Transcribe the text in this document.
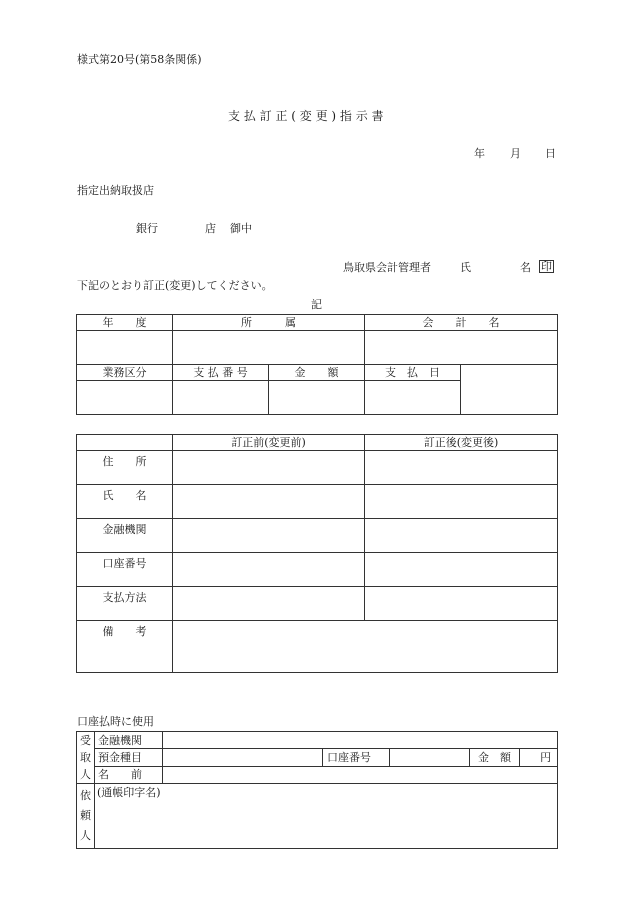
様式第20号(第58条関係)
支 払 訂 正 ( 変 更 ) 指 示 書
年 月 日
指定出納取扱店
銀行	店 御中
鳥取県会計管理者	氏	名 印
下記のとおり訂正(変更)してください。
記
年　　度	所　　　属		会　　計　　名	

業務区分	支 払 番 号	金　　額	支　払　日	

	訂正前(変更前)	訂正後(変更後)
住　　所		
氏　　名		
金融機関		
口座番号		
支払方法		
備　　考		
口座払時に使用
受
取
人	金融機関					
	預金種目		口座番号		金　額	円
	名　　前					

依
頼
人	(通帳印字名)					
